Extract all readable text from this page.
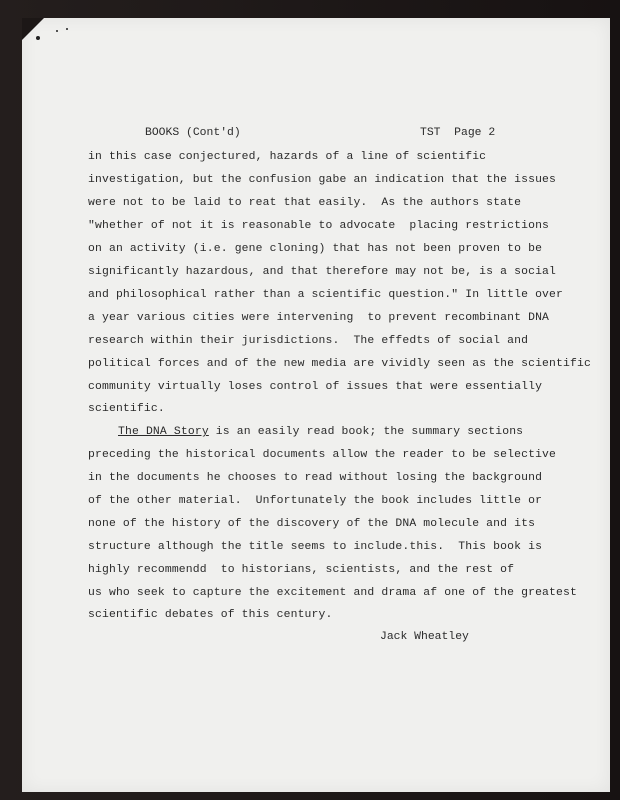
BOOKS (Cont'd)	TST  Page 2
in this case conjectured, hazards of a line of scientific
investigation, but the confusion gabe an indication that the issues
were not to be laid to reat that easily.  As the authors state
"whether of not it is reasonable to advocate  placing restrictions
on an activity (i.e. gene cloning) that has not been proven to be
significantly hazardous, and that therefore may not be, is a social
and philosophical rather than a scientific question." In little over
a year various cities were intervening  to prevent recombinant DNA
research within their jurisdictions.  The effedts of social and
political forces and of the new media are vividly seen as the scientific
community virtually loses control of issues that were essentially
scientific.
The DNA Story is an easily read book; the summary sections
preceding the historical documents allow the reader to be selective
in the documents he chooses to read without losing the background
of the other material.  Unfortunately the book includes little or
none of the history of the discovery of the DNA molecule and its
structure although the title seems to include.this.  This book is
highly recommendd  to historians, scientists, and the rest of
us who seek to capture the excitement and drama af one of the greatest
scientific debates of this century.
Jack Wheatley
